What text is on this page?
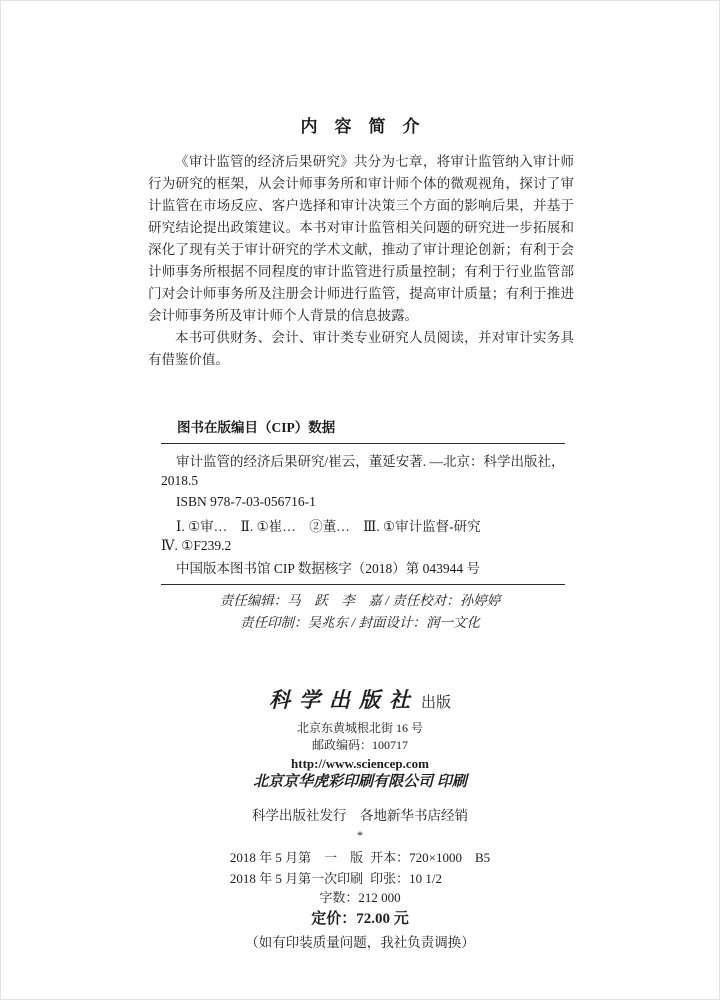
内　容　简　介

《审计监管的经济后果研究》共分为七章，将审计监管纳入审计师行为研究的框架，从会计师事务所和审计师个体的微观视角，探讨了审计监管在市场反应、客户选择和审计决策三个方面的影响后果，并基于研究结论提出政策建议。本书对审计监管相关问题的研究进一步拓展和深化了现有关于审计研究的学术文献，推动了审计理论创新；有利于会计师事务所根据不同程度的审计监管进行质量控制；有利于行业监管部门对会计师事务所及注册会计师进行监管，提高审计质量；有利于推进会计师事务所及审计师个人背景的信息披露。

本书可供财务、会计、审计类专业研究人员阅读，并对审计实务具有借鉴价值。

图书在版编目（CIP）数据

审计监管的经济后果研究/崔云，董延安著. —北京：科学出版社，2018.5

ISBN 978-7-03-056716-1

Ⅰ. ①审…　Ⅱ. ①崔…　②董…　Ⅲ. ①审计监督-研究

Ⅳ. ①F239.2

中国版本图书馆 CIP 数据核字（2018）第 043944 号

责任编辑：马　跃　李　嘉 / 责任校对：孙婷婷

责任印制：吴兆东 / 封面设计：润一文化

科学出版社 出版

北京东黄城根北街 16 号
邮政编码：100717
http://www.sciencep.com

北京京华虎彩印刷有限公司 印刷

科学出版社发行　各地新华书店经销
*
2018 年 5 月第　一　版 开本：720×1000　B5
2018 年 5 月第一次印刷 印张：10 1/2
字数：212 000
定价：72.00 元
（如有印装质量问题，我社负责调换）
